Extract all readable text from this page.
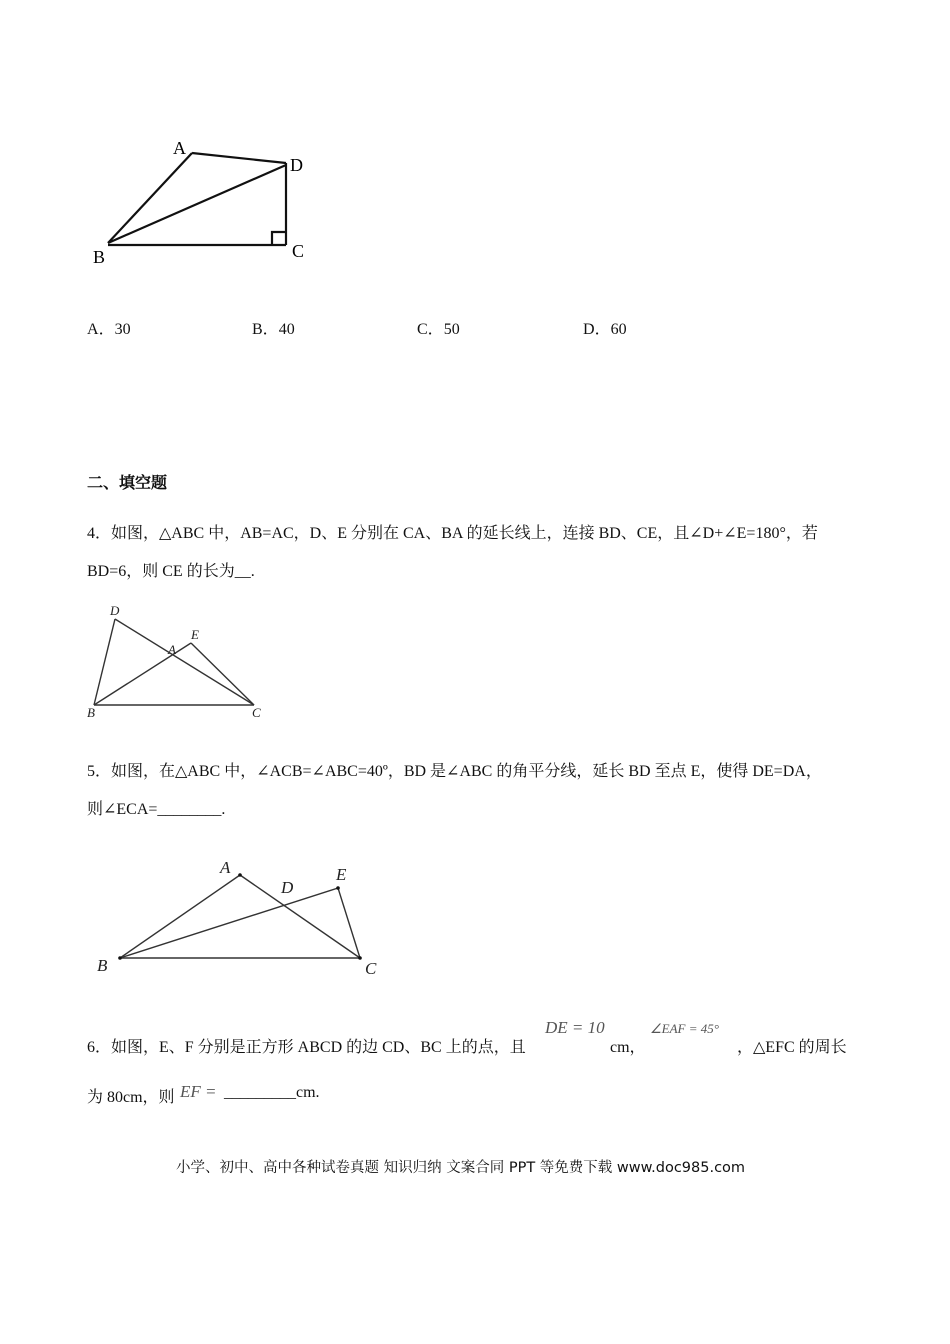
A
D
B	C
A．30	B．40	C．50	D．60
二、填空题
4．如图，△ABC 中，AB=AC，D、E 分别在 CA、BA 的延长线上，连接 BD、CE，且∠D+∠E=180°，若
BD=6，则 CE 的长为__.
D
E
A
B	C
5．如图，在△ABC 中，∠ACB=∠ABC=40º，BD 是∠ABC 的角平分线，延长 BD 至点 E，使得 DE=DA，
则∠ECA=________.
A
D
E
B	C
6．如图，E、F 分别是正方形 ABCD 的边 CD、BC 上的点，且
DE = 10
cm，
∠EAF = 45°
，△EFC 的周长
为 80cm，则 EF = _________cm.
小学、初中、高中各种试卷真题 知识归纳 文案合同 PPT 等免费下载 www.doc985.com
